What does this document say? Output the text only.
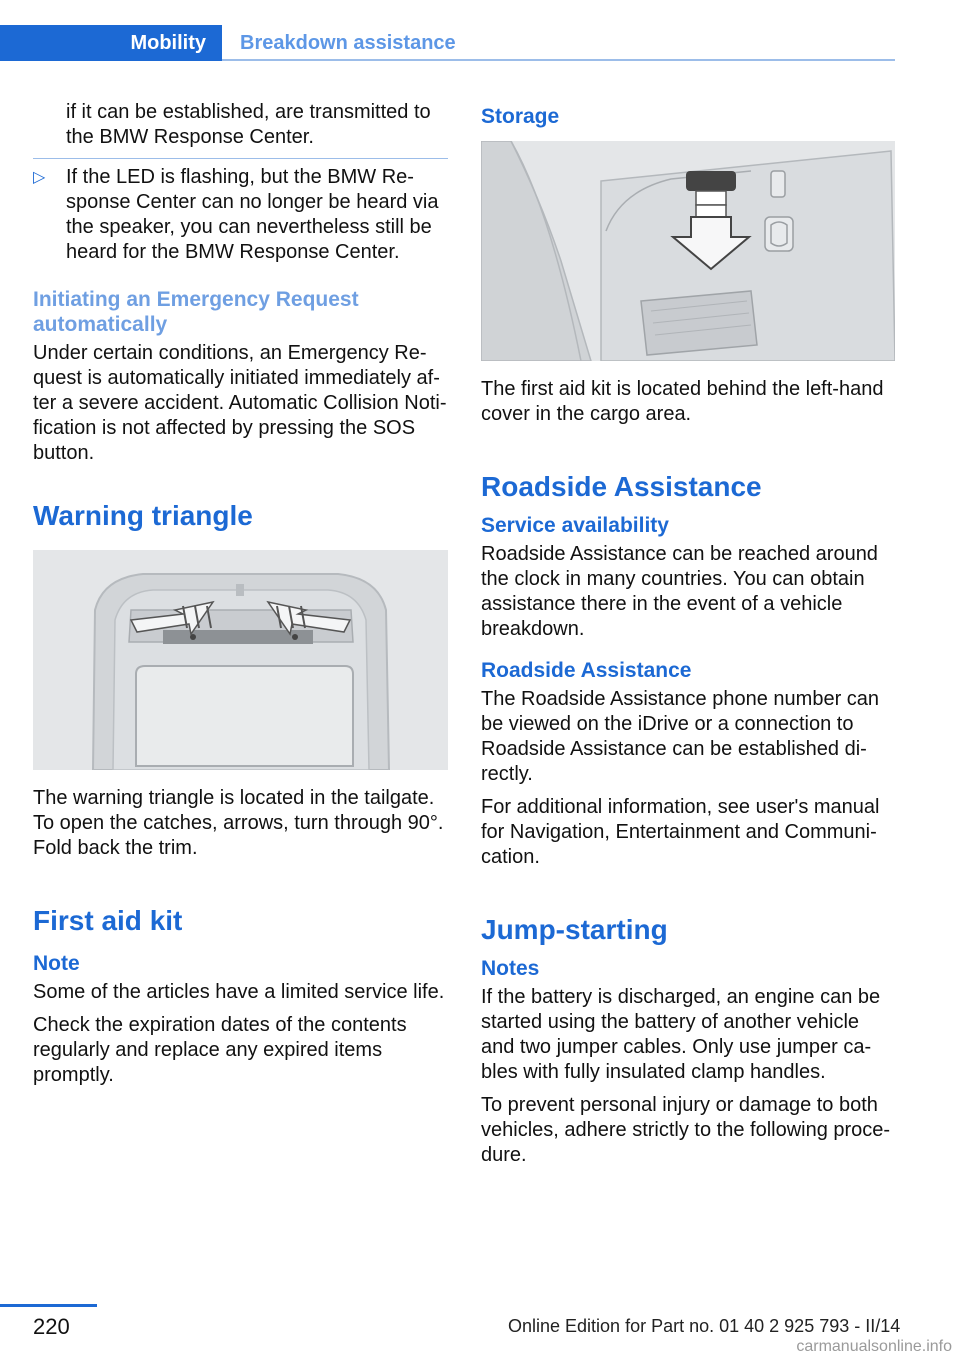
Mobility	Breakdown assistance

if it can be established, are transmitted to the BMW Response Center.

▷ If the LED is flashing, but the BMW Response Center can no longer be heard via the speaker, you can nevertheless still be heard for the BMW Response Center.
Initiating an Emergency Request automatically

Under certain conditions, an Emergency Request is automatically initiated immediately after a severe accident. Automatic Collision Notification is not affected by pressing the SOS button.

Warning triangle

The warning triangle is located in the tailgate. To open the catches, arrows, turn through 90°. Fold back the trim.

First aid kit
Note

Some of the articles have a limited service life.

Check the expiration dates of the contents regularly and replace any expired items promptly.

Storage

The first aid kit is located behind the left-hand cover in the cargo area.

Roadside Assistance
Service availability

Roadside Assistance can be reached around the clock in many countries. You can obtain assistance there in the event of a vehicle breakdown.

Roadside Assistance

The Roadside Assistance phone number can be viewed on the iDrive or a connection to Roadside Assistance can be established directly.

For additional information, see user's manual for Navigation, Entertainment and Communication.

Jump-starting
Notes

If the battery is discharged, an engine can be started using the battery of another vehicle and two jumper cables. Only use jumper cables with fully insulated clamp handles.

To prevent personal injury or damage to both vehicles, adhere strictly to the following procedure.

220	Online Edition for Part no. 01 40 2 925 793 - II/14
carmanualsonline.info
